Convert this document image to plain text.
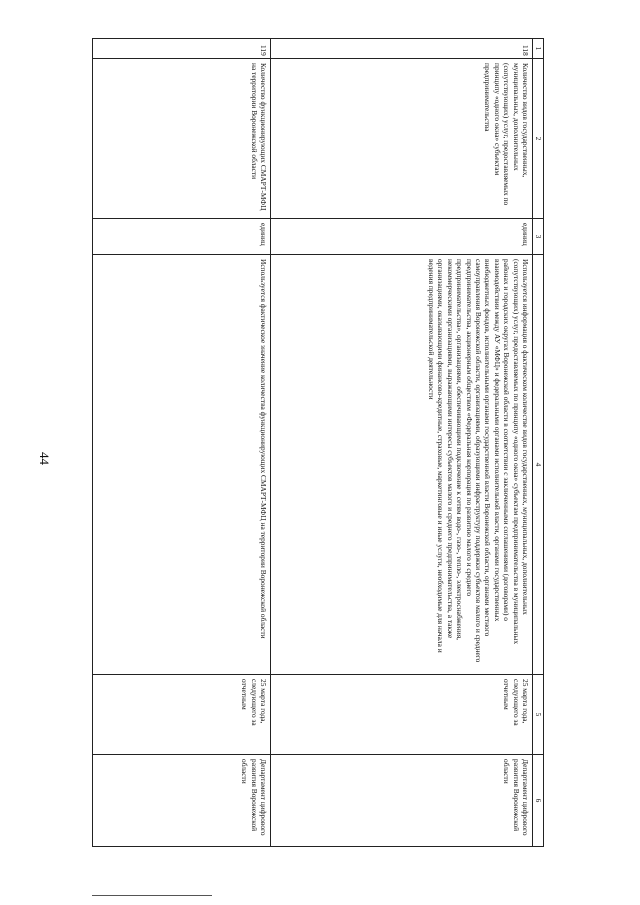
44
1	2	3	4	5	6
118	Количество видов государственных, муниципальных, дополнительных (сопутствующих) услуг, предоставляемых по принципу «одного окна» субъектам предпринимательства	единиц	Используется информация о фактическом количестве видов государственных, муниципальных, дополнительных (сопутствующих) услуг, предоставляемых по принципу «одного окна» субъектам предпринимательства в муниципальных районах и городских округах Воронежской области в соответствии с заключенными соглашениями (договорами) о взаимодействии между АУ «МФЦ» и федеральными органами исполнительной власти, органами государственных внебюджетных фондов, исполнительными органами государственной власти Воронежской области, органами местного самоуправления Воронежской области, организациями, образующими инфраструктуру поддержки субъектов малого и среднего предпринимательства, акционерным обществом «Федеральная корпорация по развитию малого и среднего предпринимательства», организациями, обеспечивающими подключение к сетям водо-, газо-, тепло-, электроснабжения, некоммерческими организациями, выражающими интересы субъектов малого и среднего предпринимательства, а также организациями, оказывающими финансово-кредитные, страховые, маркетинговые и иные услуги, необходимые для начала и ведения предпринимательской деятельности	25 марта года, следующего за отчетным	Департамент цифрового развития Воронежской области
119	Количество функционирующих СМАРТ-МФЦ на территории Воронежской области	единиц	Используется фактическое значение количества функционирующих СМАРТ-МФЦ на территории Воронежской области	25 марта года, следующего за отчетным	Департамент цифрового развития Воронежской области
